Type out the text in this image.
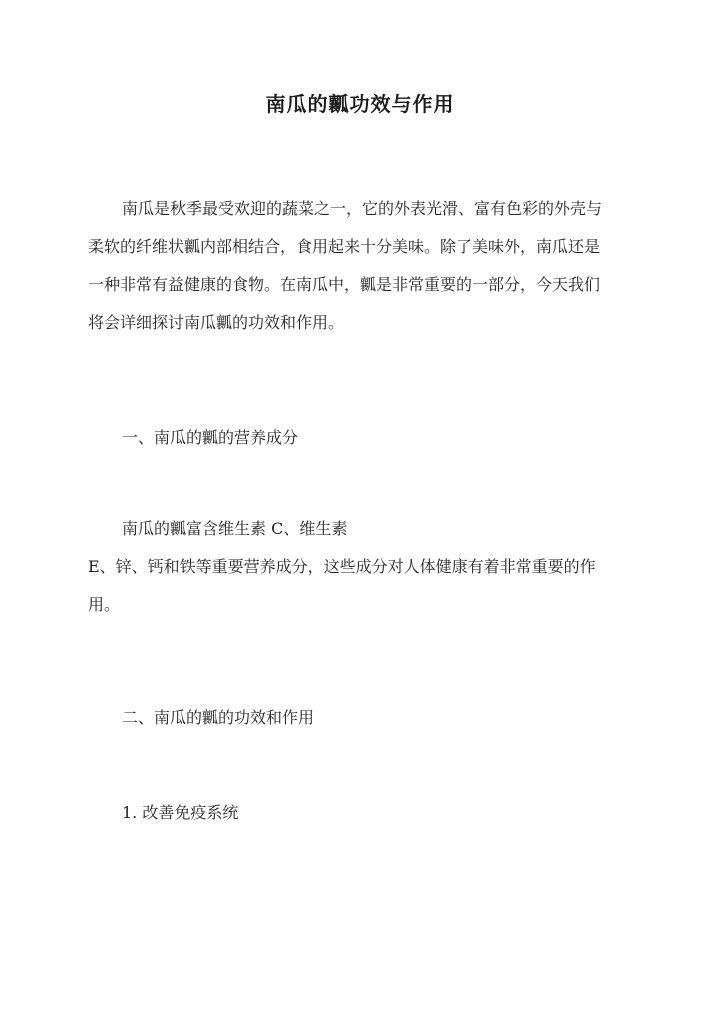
南瓜的瓤功效与作用

南瓜是秋季最受欢迎的蔬菜之一，它的外表光滑、富有色彩的外壳与
柔软的纤维状瓤内部相结合，食用起来十分美味。除了美味外，南瓜还是
一种非常有益健康的食物。在南瓜中，瓤是非常重要的一部分，今天我们
将会详细探讨南瓜瓤的功效和作用。

一、南瓜的瓤的营养成分

南瓜的瓤富含维生素 C、维生素
E、锌、钙和铁等重要营养成分，这些成分对人体健康有着非常重要的作
用。

二、南瓜的瓤的功效和作用

1. 改善免疫系统
